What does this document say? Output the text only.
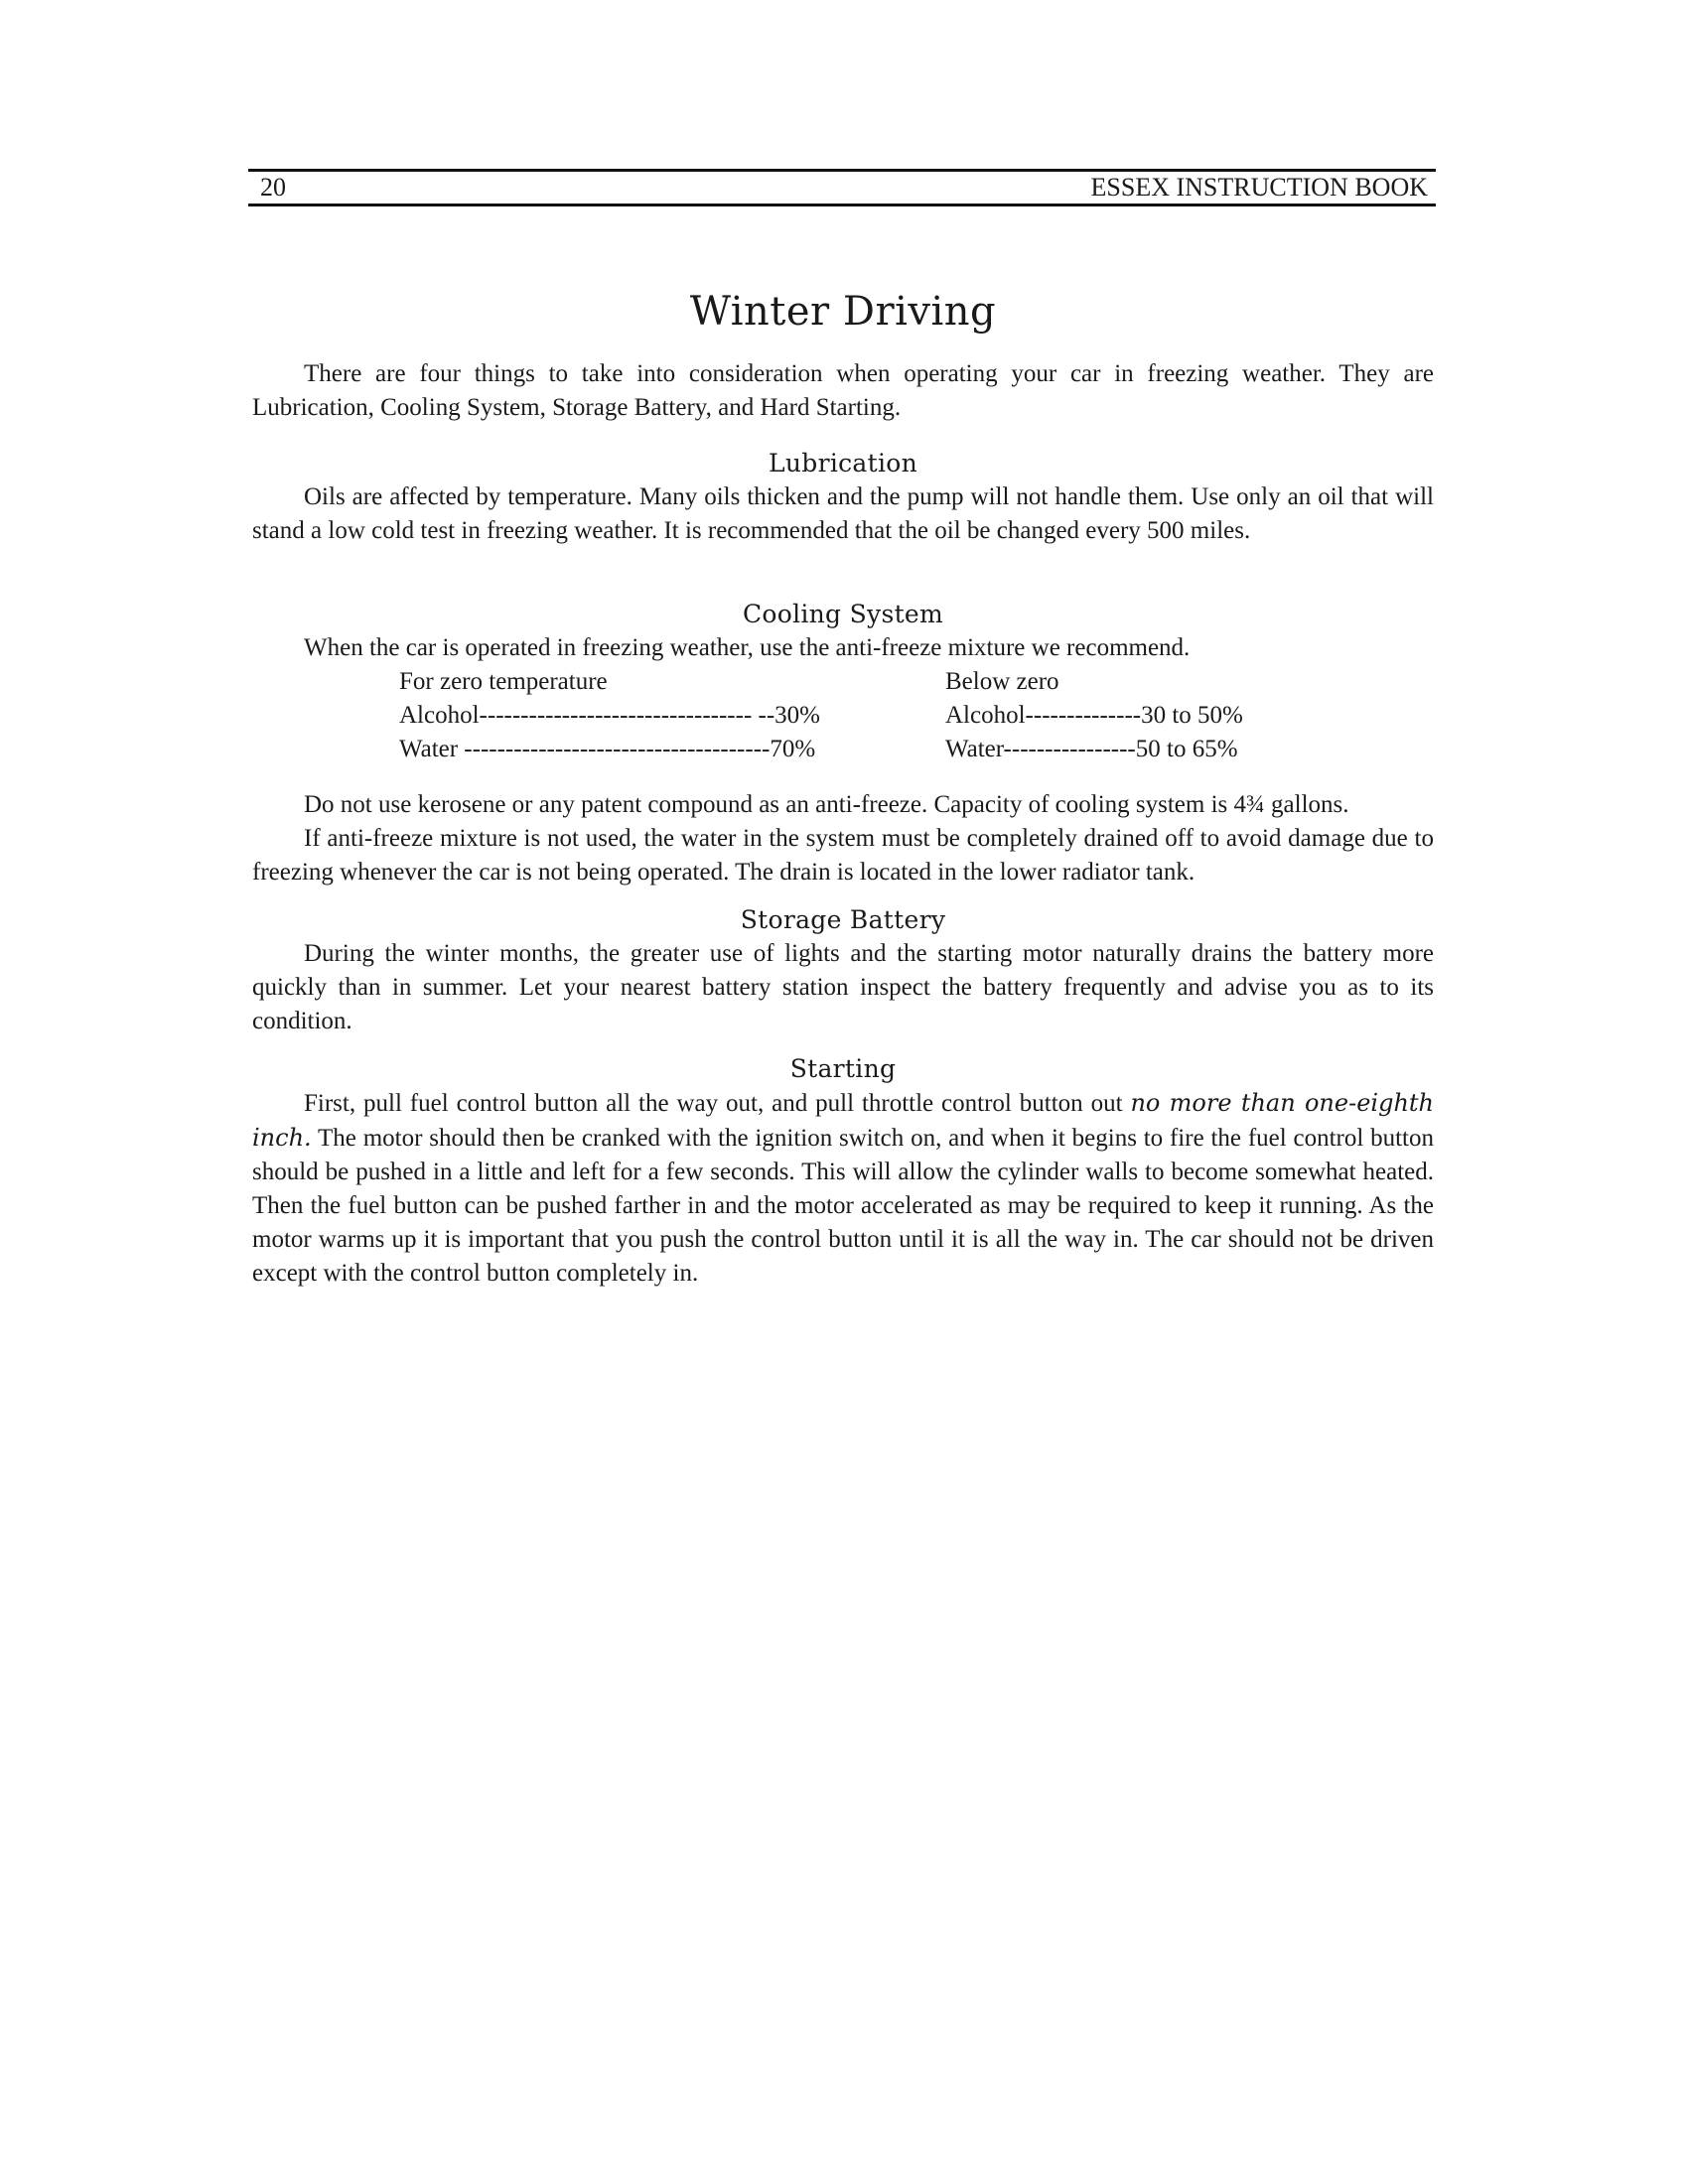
20	ESSEX INSTRUCTION BOOK
Winter Driving

There are four things to take into consideration when operating your car in freezing weather. They are Lubrication, Cooling System, Storage Battery, and Hard Starting.

Lubrication

Oils are affected by temperature. Many oils thicken and the pump will not handle them. Use only an oil that will stand a low cold test in freezing weather. It is recommended that the oil be changed every 500 miles.

Cooling System

When the car is operated in freezing weather, use the anti-freeze mixture we recommend.

For zero temperature
Alcohol--------------------------------- --30%
Water -------------------------------------70%
Below zero
Alcohol--------------30 to 50%
Water----------------50 to 65%

Do not use kerosene or any patent compound as an anti-freeze. Capacity of cooling system is 4¾ gallons.

If anti-freeze mixture is not used, the water in the system must be completely drained off to avoid damage due to freezing whenever the car is not being operated. The drain is located in the lower radiator tank.

Storage Battery

During the winter months, the greater use of lights and the starting motor naturally drains the battery more quickly than in summer. Let your nearest battery station inspect the battery frequently and advise you as to its condition.

Starting

First, pull fuel control button all the way out, and pull throttle control button out no more than one-eighth inch. The motor should then be cranked with the ignition switch on, and when it begins to fire the fuel control button should be pushed in a little and left for a few seconds. This will allow the cylinder walls to become somewhat heated. Then the fuel button can be pushed farther in and the motor accelerated as may be required to keep it running. As the motor warms up it is important that you push the control button until it is all the way in. The car should not be driven except with the control button completely in.
